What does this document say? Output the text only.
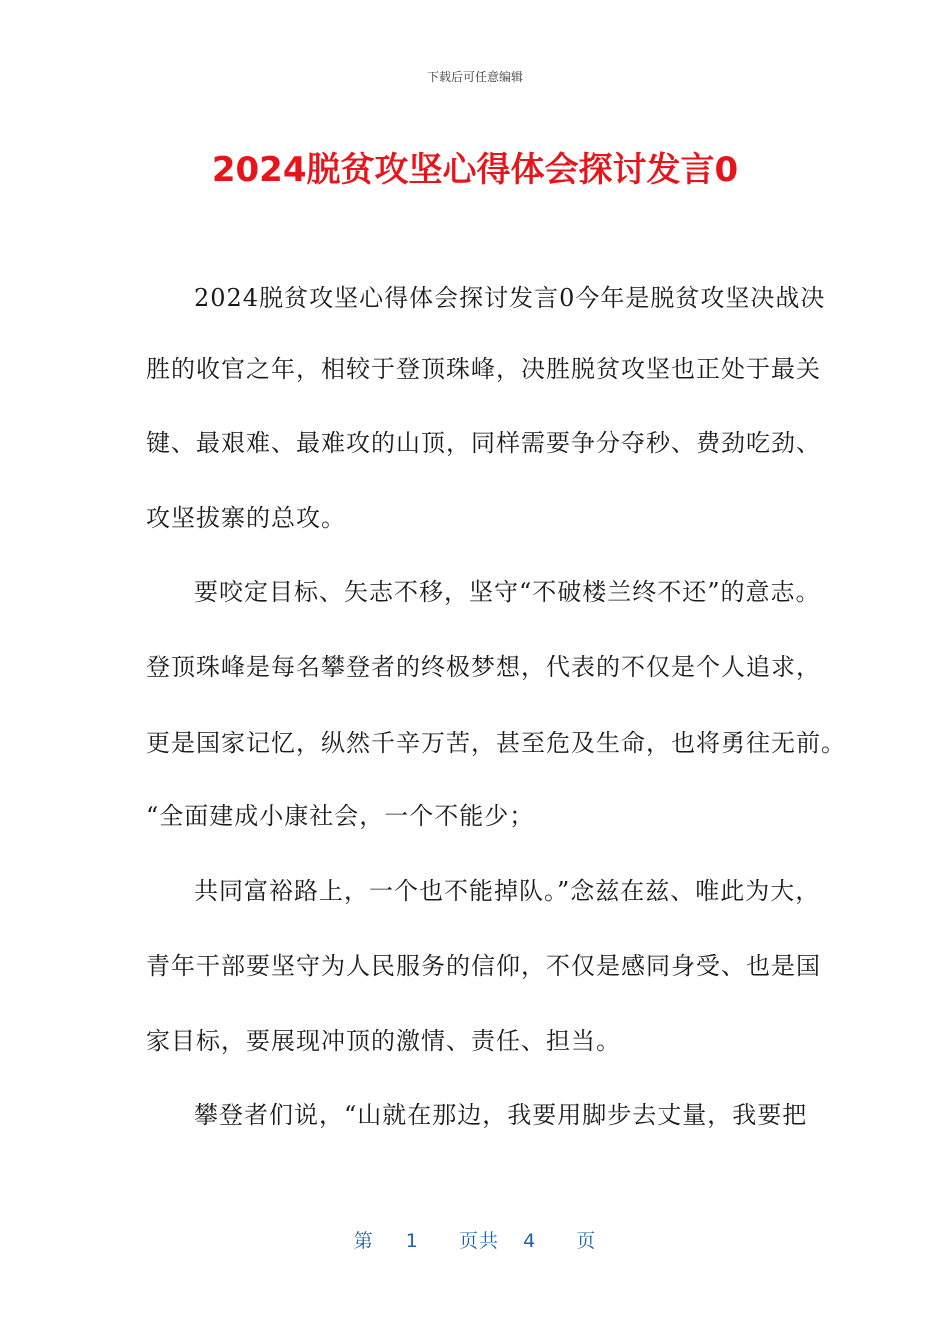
下载后可任意编辑
2024脱贫攻坚心得体会探讨发言0
2024脱贫攻坚心得体会探讨发言0今年是脱贫攻坚决战决
胜的收官之年，相较于登顶珠峰，决胜脱贫攻坚也正处于最关
键、最艰难、最难攻的山顶，同样需要争分夺秒、费劲吃劲、
攻坚拔寨的总攻。
要咬定目标、矢志不移，坚守“不破楼兰终不还”的意志。
登顶珠峰是每名攀登者的终极梦想，代表的不仅是个人追求，
更是国家记忆，纵然千辛万苦，甚至危及生命，也将勇往无前。
“全面建成小康社会，一个不能少；
共同富裕路上，一个也不能掉队。”念兹在兹、唯此为大，
青年干部要坚守为人民服务的信仰，不仅是感同身受、也是国
家目标，要展现冲顶的激情、责任、担当。
攀登者们说，“山就在那边，我要用脚步去丈量，我要把
第 1 页共 4 页
